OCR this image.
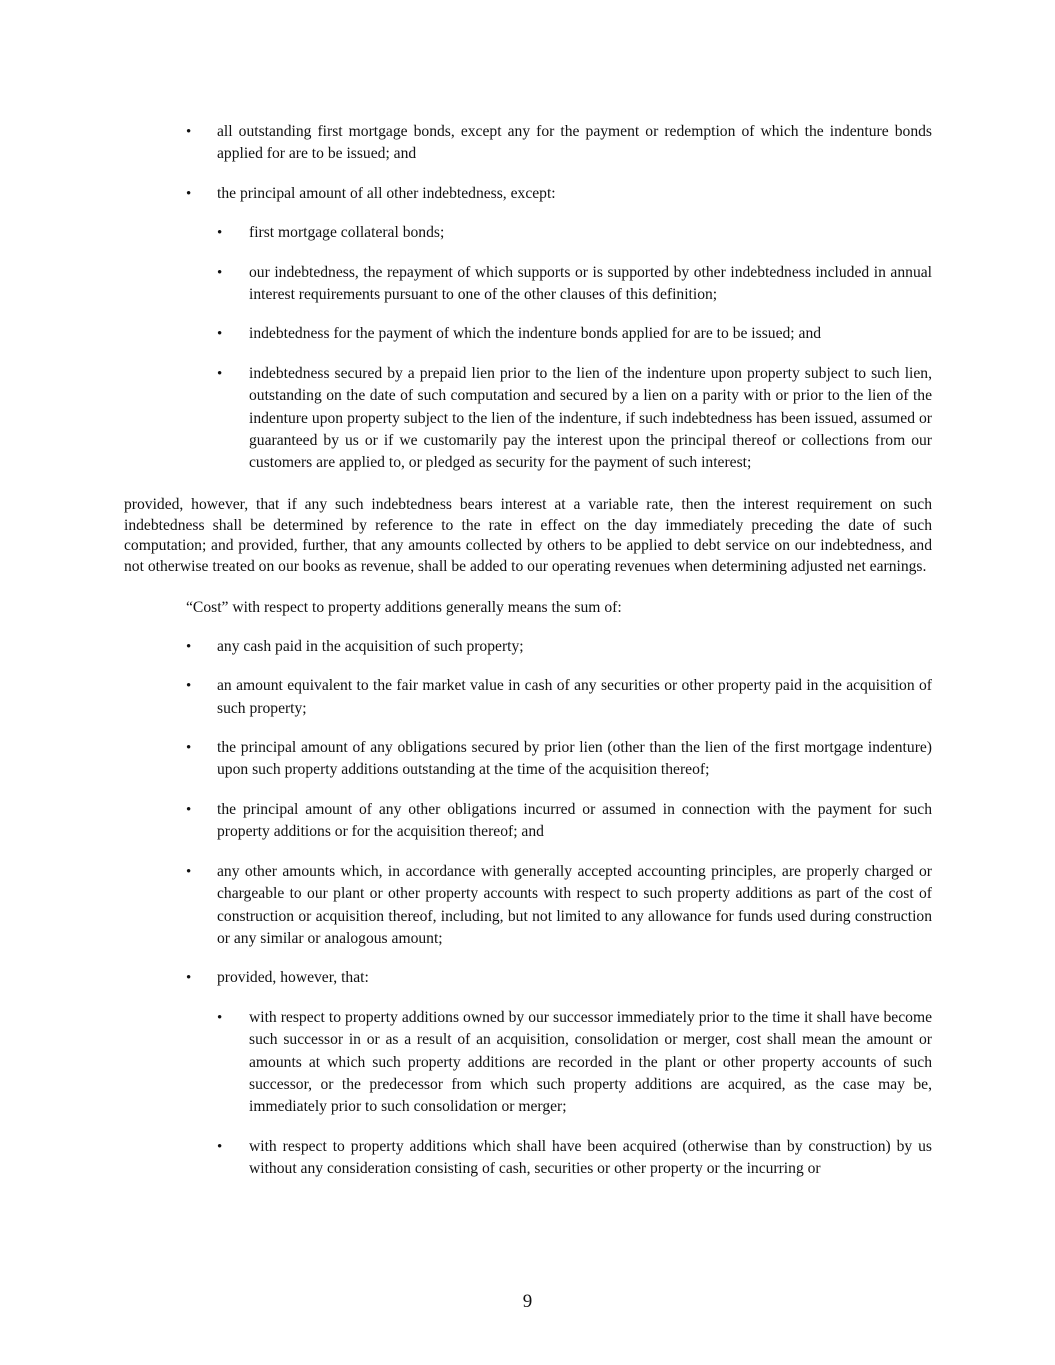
• all outstanding first mortgage bonds, except any for the payment or redemption of which the indenture bonds applied for are to be issued; and
• the principal amount of all other indebtedness, except:
• first mortgage collateral bonds;
• our indebtedness, the repayment of which supports or is supported by other indebtedness included in annual interest requirements pursuant to one of the other clauses of this definition;
• indebtedness for the payment of which the indenture bonds applied for are to be issued; and
• indebtedness secured by a prepaid lien prior to the lien of the indenture upon property subject to such lien, outstanding on the date of such computation and secured by a lien on a parity with or prior to the lien of the indenture upon property subject to the lien of the indenture, if such indebtedness has been issued, assumed or guaranteed by us or if we customarily pay the interest upon the principal thereof or collections from our customers are applied to, or pledged as security for the payment of such interest;
provided, however, that if any such indebtedness bears interest at a variable rate, then the interest requirement on such indebtedness shall be determined by reference to the rate in effect on the day immediately preceding the date of such computation; and provided, further, that any amounts collected by others to be applied to debt service on our indebtedness, and not otherwise treated on our books as revenue, shall be added to our operating revenues when determining adjusted net earnings.
“Cost” with respect to property additions generally means the sum of:
• any cash paid in the acquisition of such property;
• an amount equivalent to the fair market value in cash of any securities or other property paid in the acquisition of such property;
• the principal amount of any obligations secured by prior lien (other than the lien of the first mortgage indenture) upon such property additions outstanding at the time of the acquisition thereof;
• the principal amount of any other obligations incurred or assumed in connection with the payment for such property additions or for the acquisition thereof; and
• any other amounts which, in accordance with generally accepted accounting principles, are properly charged or chargeable to our plant or other property accounts with respect to such property additions as part of the cost of construction or acquisition thereof, including, but not limited to any allowance for funds used during construction or any similar or analogous amount;
• provided, however, that:
• with respect to property additions owned by our successor immediately prior to the time it shall have become such successor in or as a result of an acquisition, consolidation or merger, cost shall mean the amount or amounts at which such property additions are recorded in the plant or other property accounts of such successor, or the predecessor from which such property additions are acquired, as the case may be, immediately prior to such consolidation or merger;
• with respect to property additions which shall have been acquired (otherwise than by construction) by us without any consideration consisting of cash, securities or other property or the incurring or
9
